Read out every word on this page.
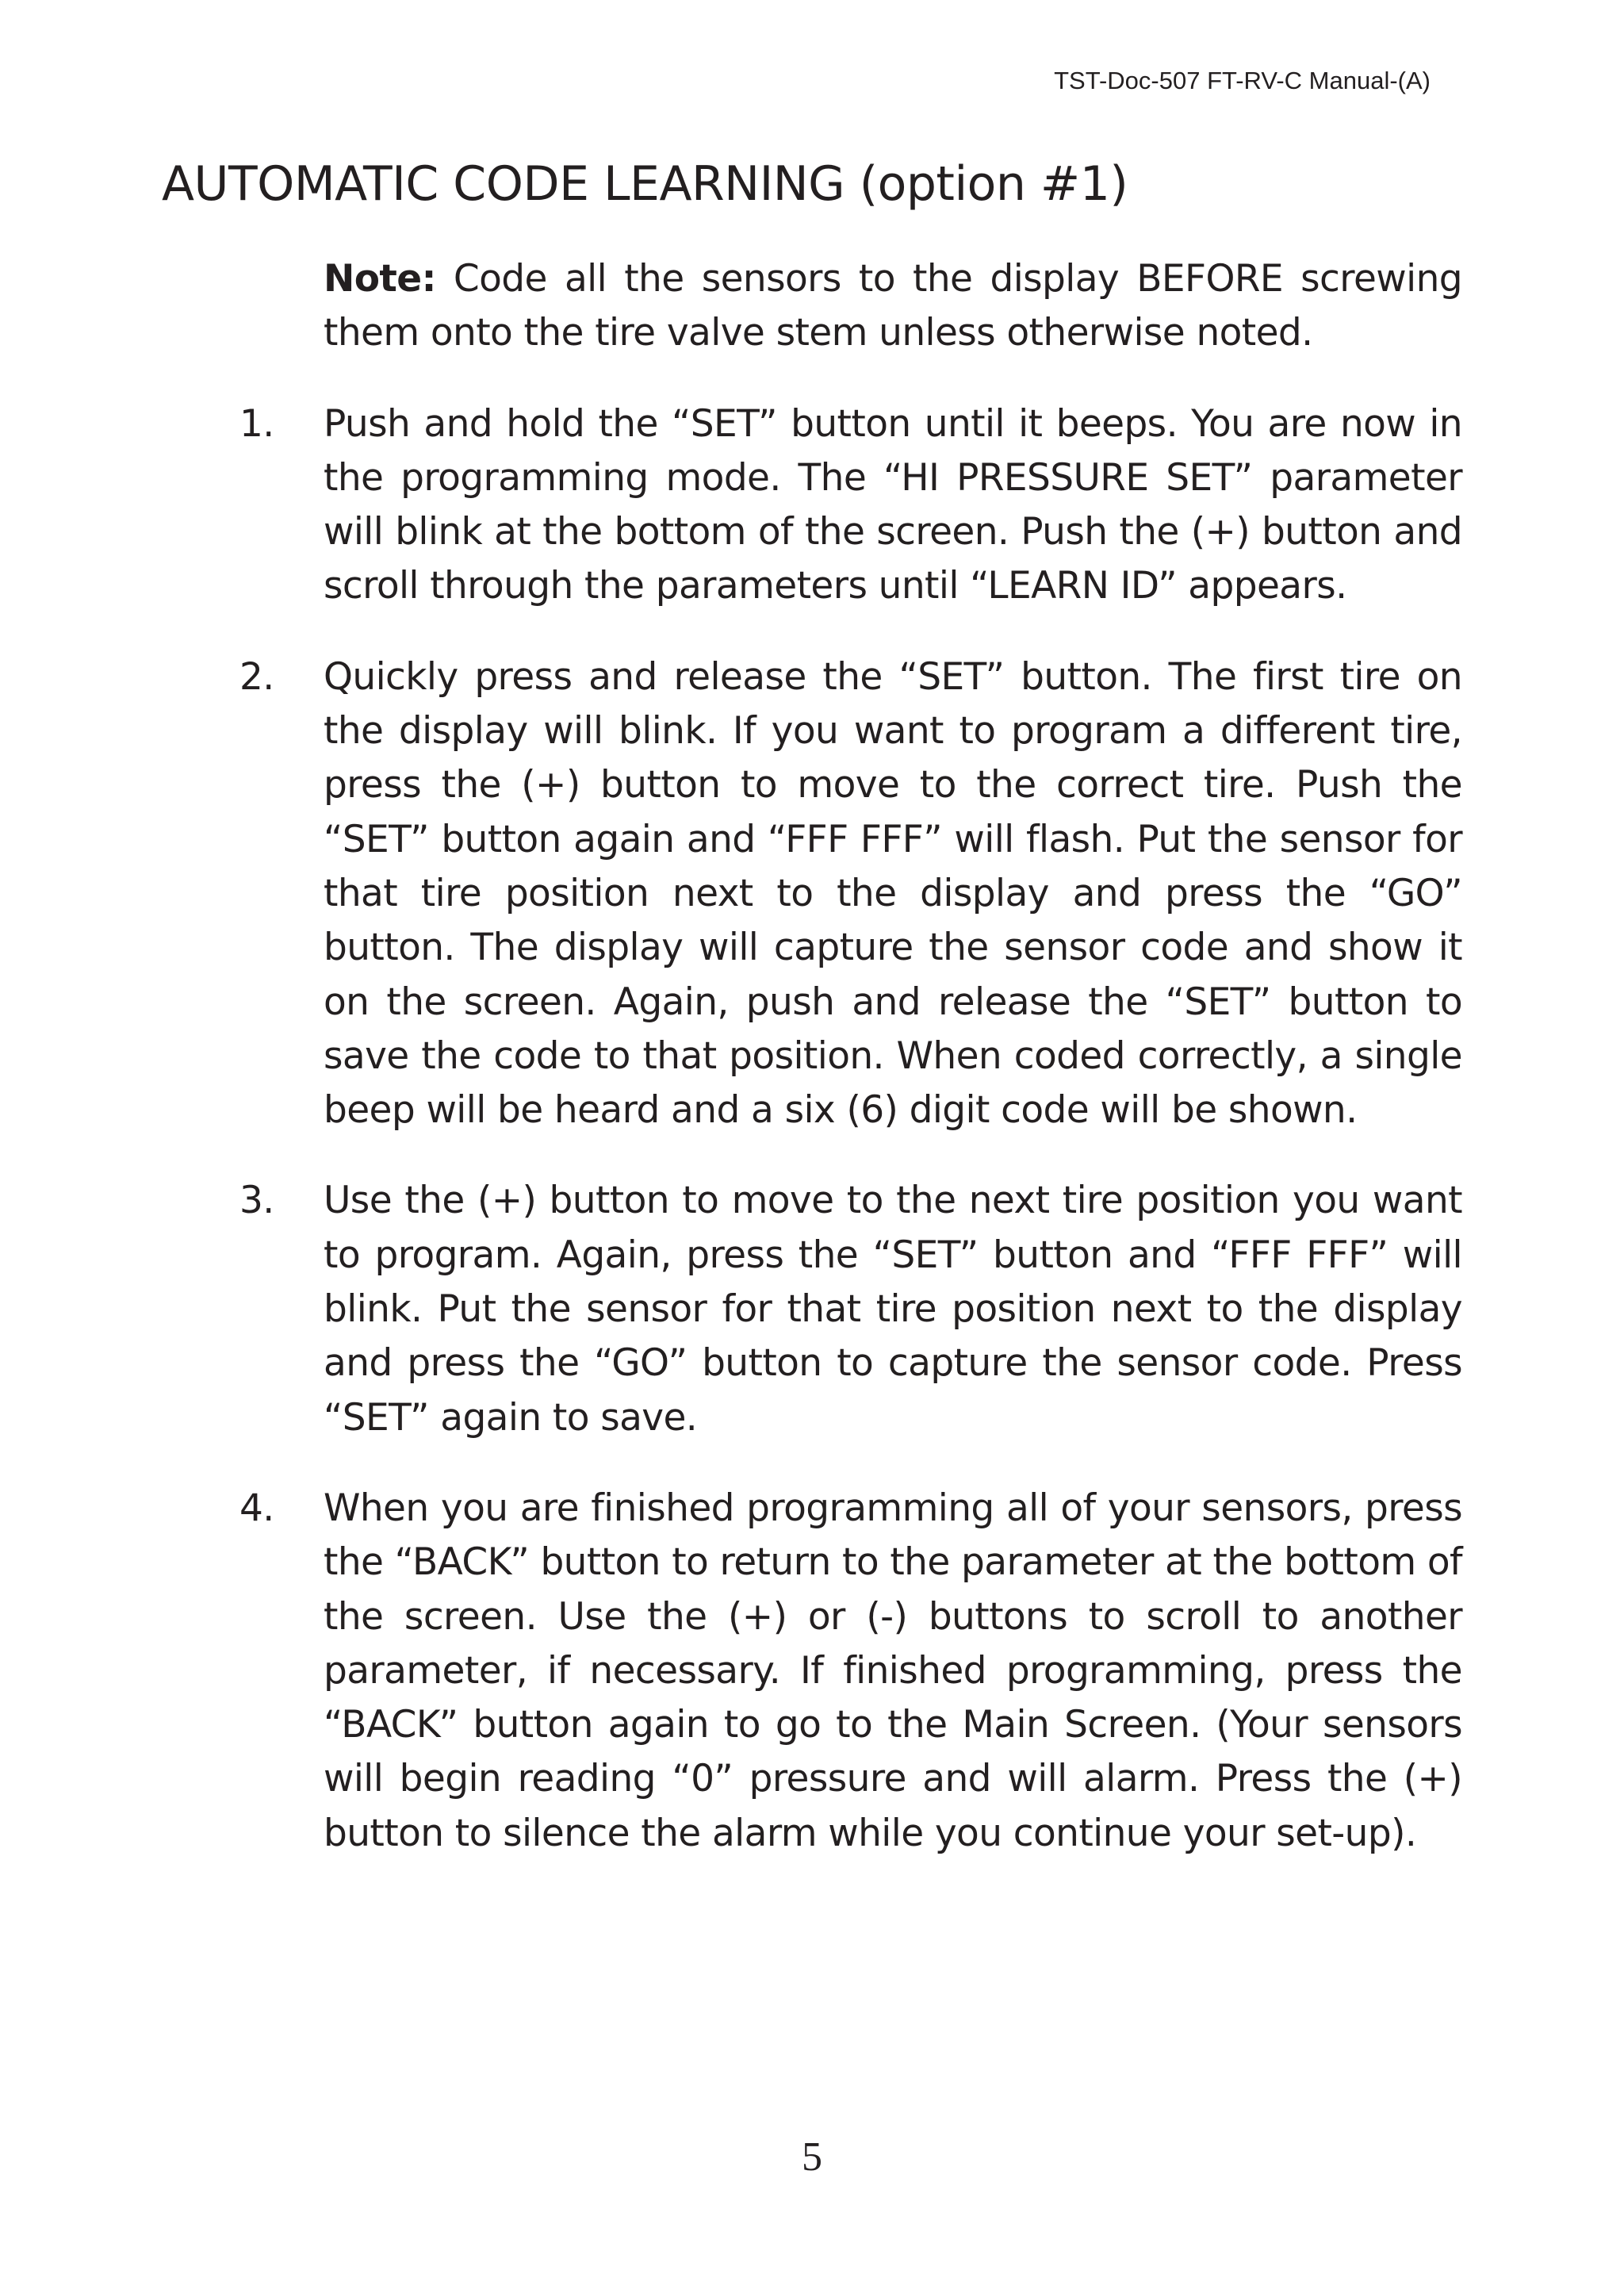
TST-Doc-507 FT-RV-C Manual-(A)
AUTOMATIC CODE LEARNING (option #1)

Note: Code all the sensors to the display BEFORE screwing them onto the tire valve stem unless otherwise noted.

1.	Push and hold the “SET” button until it beeps. You are now in the programming mode. The “HI PRESSURE SET” parameter will blink at the bottom of the screen. Push the (+) button and scroll through the parameters until “LEARN ID” appears.
2.	Quickly press and release the “SET” button. The first tire on the display will blink. If you want to program a different tire, press the (+) button to move to the correct tire. Push the “SET” button again and “FFF FFF” will flash. Put the sensor for that tire position next to the display and press the “GO” button. The display will capture the sensor code and show it on the screen. Again, push and release the “SET” button to save the code to that position. When coded correctly, a single beep will be heard and a six (6) digit code will be shown.
3.	Use the (+) button to move to the next tire position you want to program. Again, press the “SET” button and “FFF FFF” will blink. Put the sensor for that tire position next to the display and press the “GO” button to capture the sensor code. Press “SET” again to save.
4.	When you are finished programming all of your sensors, press the “BACK” button to return to the parameter at the bottom of the screen. Use the (+) or (-) buttons to scroll to another parameter, if necessary. If finished programming, press the “BACK” button again to go to the Main Screen. (Your sensors will begin reading “0” pressure and will alarm. Press the (+) button to silence the alarm while you continue your set-up).
5
